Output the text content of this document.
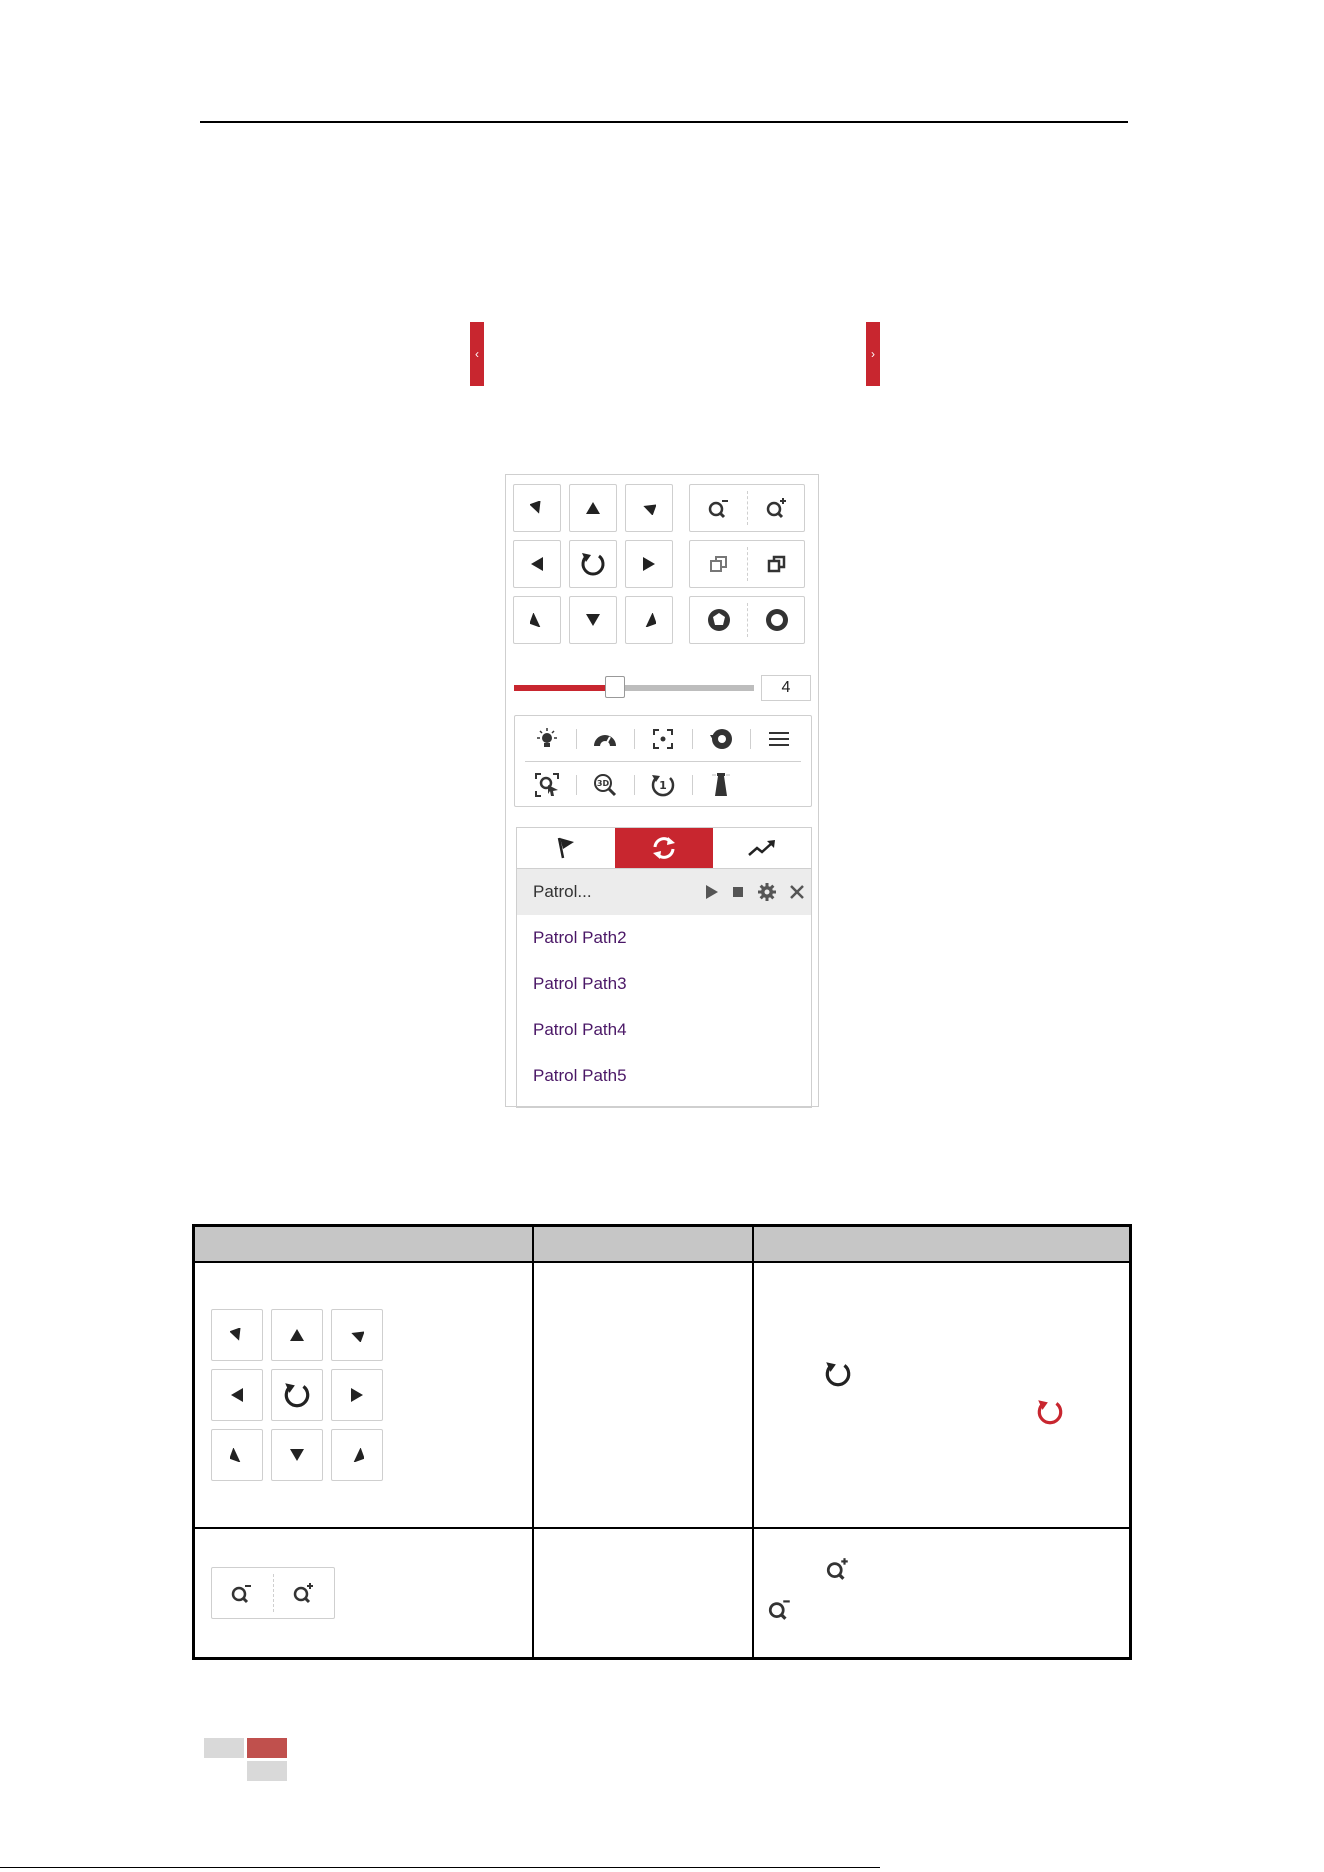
‹	›
4
3D	1
Patrol...
Patrol Path2
Patrol Path3
Patrol Path4
Patrol Path5
